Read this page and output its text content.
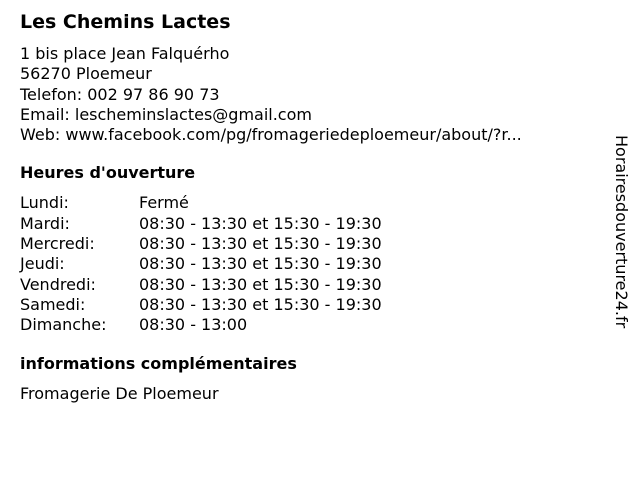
Les Chemins Lactes
1 bis place Jean Falquérho
56270 Ploemeur
Telefon: 002 97 86 90 73
Email: lescheminslactes@gmail.com
Web: www.facebook.com/pg/fromageriedeploemeur/about/?r...
Heures d'ouverture
Lundi:	Fermé
Mardi:	08:30 - 13:30 et 15:30 - 19:30
Mercredi:	08:30 - 13:30 et 15:30 - 19:30
Jeudi:	08:30 - 13:30 et 15:30 - 19:30
Vendredi:	08:30 - 13:30 et 15:30 - 19:30
Samedi:	08:30 - 13:30 et 15:30 - 19:30
Dimanche:	08:30 - 13:00
informations complémentaires
Fromagerie De Ploemeur
Horairesdouverture24.fr
